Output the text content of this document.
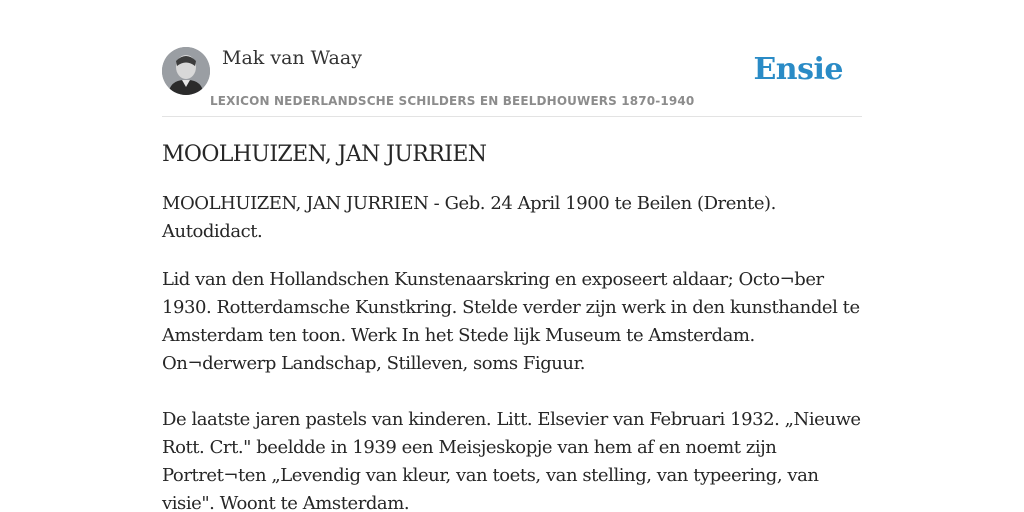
Mak van Waay
LEXICON NEDERLANDSCHE SCHILDERS EN BEELDHOUWERS 1870-1940
Ensie
MOOLHUIZEN, JAN JURRIEN

MOOLHUIZEN, JAN JURRIEN - Geb. 24 April 1900 te Beilen (Drente). Autodidact.

Lid van den Hollandschen Kunstenaarskring en exposeert aldaar; Octo¬ber 1930. Rotterdamsche Kunstkring. Stelde verder zijn werk in den kunsthandel te Amsterdam ten toon. Werk In het Stede lijk Museum te Amsterdam. On¬derwerp Landschap, Stilleven, soms Figuur.

De laatste jaren pastels van kinderen. Litt. Elsevier van Februari 1932. „Nieuwe Rott. Crt." beeldde in 1939 een Meisjeskopje van hem af en noemt zijn Portret¬ten „Levendig van kleur, van toets, van stelling, van typeering, van visie". Woont te Amsterdam.
